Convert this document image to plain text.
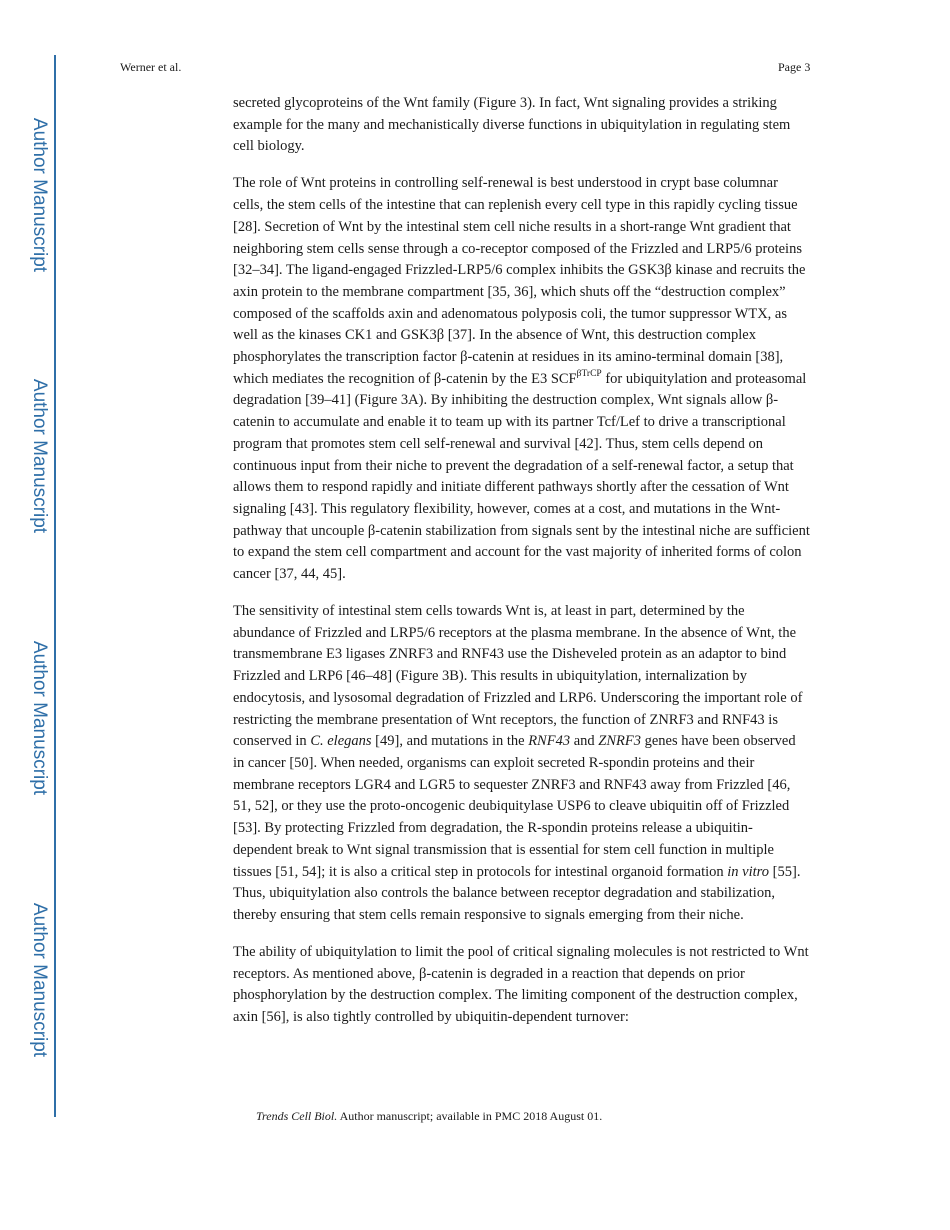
Author Manuscript
Author Manuscript
Author Manuscript
Author Manuscript
Werner et al.	Page 3

secreted glycoproteins of the Wnt family (Figure 3). In fact, Wnt signaling provides a striking example for the many and mechanistically diverse functions in ubiquitylation in regulating stem cell biology.

The role of Wnt proteins in controlling self-renewal is best understood in crypt base columnar cells, the stem cells of the intestine that can replenish every cell type in this rapidly cycling tissue [28]. Secretion of Wnt by the intestinal stem cell niche results in a short-range Wnt gradient that neighboring stem cells sense through a co-receptor composed of the Frizzled and LRP5/6 proteins [32–34]. The ligand-engaged Frizzled-LRP5/6 complex inhibits the GSK3β kinase and recruits the axin protein to the membrane compartment [35, 36], which shuts off the “destruction complex” composed of the scaffolds axin and adenomatous polyposis coli, the tumor suppressor WTX, as well as the kinases CK1 and GSK3β [37]. In the absence of Wnt, this destruction complex phosphorylates the transcription factor β-catenin at residues in its amino-terminal domain [38], which mediates the recognition of β-catenin by the E3 $SCF^{\beta TrCP}$ for ubiquitylation and proteasomal degradation [39–41] (Figure 3A). By inhibiting the destruction complex, Wnt signals allow β-catenin to accumulate and enable it to team up with its partner Tcf/Lef to drive a transcriptional program that promotes stem cell self-renewal and survival [42]. Thus, stem cells depend on continuous input from their niche to prevent the degradation of a self-renewal factor, a setup that allows them to respond rapidly and initiate different pathways shortly after the cessation of Wnt signaling [43]. This regulatory flexibility, however, comes at a cost, and mutations in the Wnt-pathway that uncouple β-catenin stabilization from signals sent by the intestinal niche are sufficient to expand the stem cell compartment and account for the vast majority of inherited forms of colon cancer [37, 44, 45].

The sensitivity of intestinal stem cells towards Wnt is, at least in part, determined by the abundance of Frizzled and LRP5/6 receptors at the plasma membrane. In the absence of Wnt, the transmembrane E3 ligases ZNRF3 and RNF43 use the Disheveled protein as an adaptor to bind Frizzled and LRP6 [46–48] (Figure 3B). This results in ubiquitylation, internalization by endocytosis, and lysosomal degradation of Frizzled and LRP6. Underscoring the important role of restricting the membrane presentation of Wnt receptors, the function of ZNRF3 and RNF43 is conserved in C. elegans [49], and mutations in the RNF43 and ZNRF3 genes have been observed in cancer [50]. When needed, organisms can exploit secreted R-spondin proteins and their membrane receptors LGR4 and LGR5 to sequester ZNRF3 and RNF43 away from Frizzled [46, 51, 52], or they use the proto-oncogenic deubiquitylase USP6 to cleave ubiquitin off of Frizzled [53]. By protecting Frizzled from degradation, the R-spondin proteins release a ubiquitin-dependent break to Wnt signal transmission that is essential for stem cell function in multiple tissues [51, 54]; it is also a critical step in protocols for intestinal organoid formation in vitro [55]. Thus, ubiquitylation also controls the balance between receptor degradation and stabilization, thereby ensuring that stem cells remain responsive to signals emerging from their niche.

The ability of ubiquitylation to limit the pool of critical signaling molecules is not restricted to Wnt receptors. As mentioned above, β-catenin is degraded in a reaction that depends on prior phosphorylation by the destruction complex. The limiting component of the destruction complex, axin [56], is also tightly controlled by ubiquitin-dependent turnover:

Trends Cell Biol. Author manuscript; available in PMC 2018 August 01.
